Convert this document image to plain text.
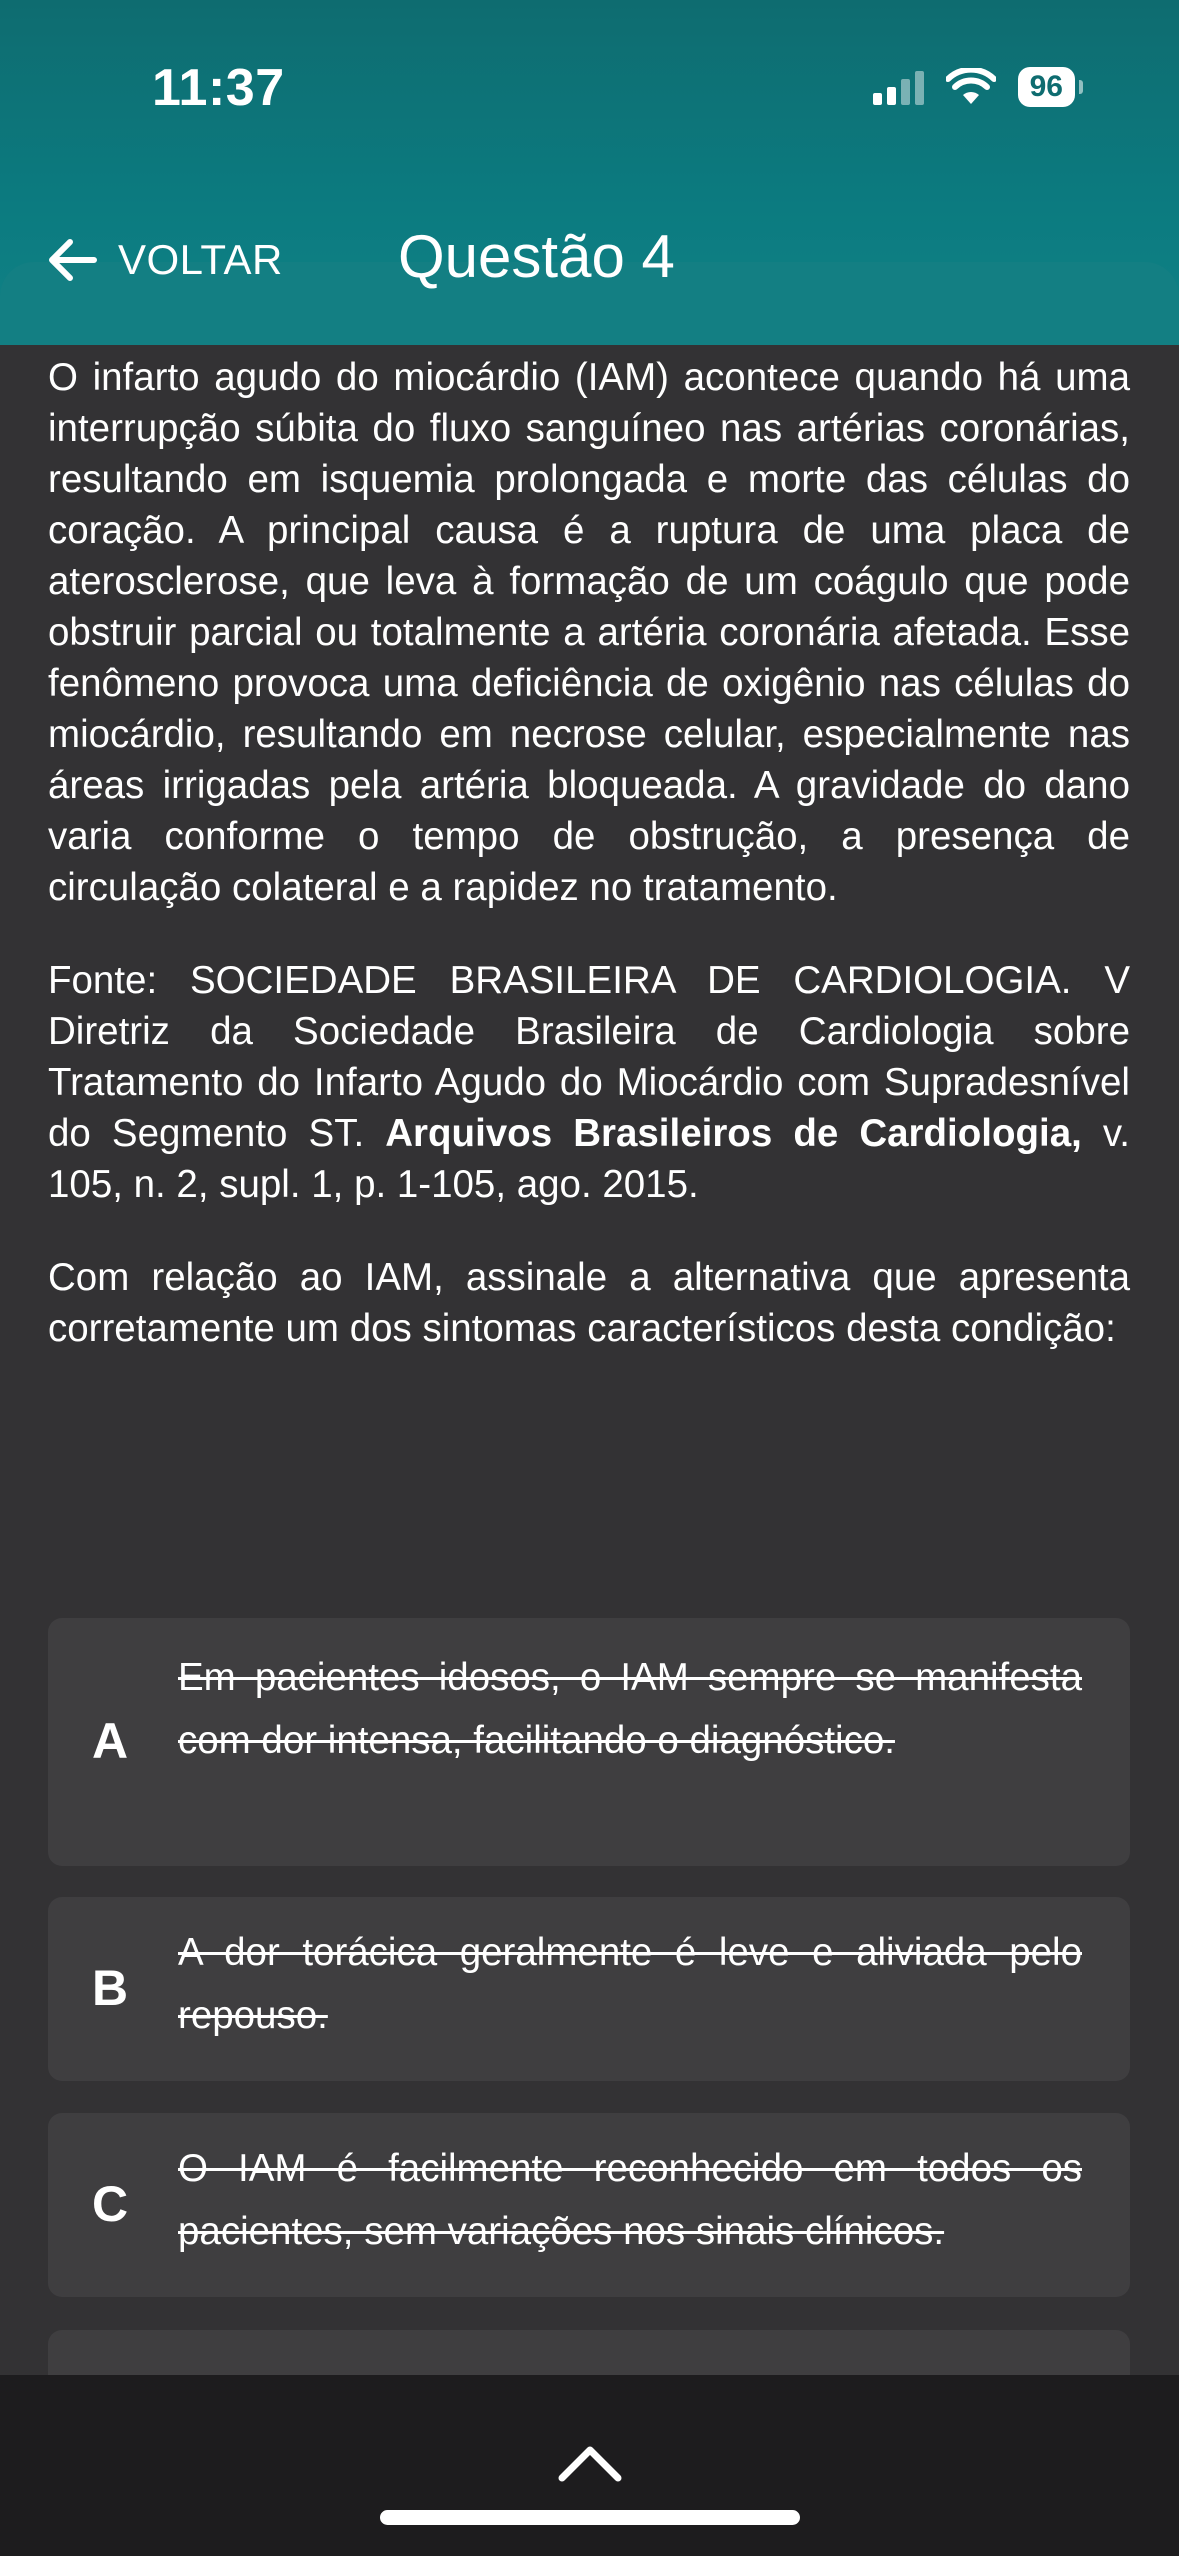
11:37	96
VOLTAR Questão 4

O infarto agudo do miocárdio (IAM) acontece quando há uma interrupção súbita do fluxo sanguíneo nas artérias coronárias, resultando em isquemia prolongada e morte das células do coração. A principal causa é a ruptura de uma placa de aterosclerose, que leva à formação de um coágulo que pode obstruir parcial ou totalmente a artéria coronária afetada. Esse fenômeno provoca uma deficiência de oxigênio nas células do miocárdio, resultando em necrose celular, especialmente nas áreas irrigadas pela artéria bloqueada. A gravidade do dano varia conforme o tempo de obstrução, a presença de circulação colateral e a rapidez no tratamento.

Fonte: SOCIEDADE BRASILEIRA DE CARDIOLOGIA. V Diretriz da Sociedade Brasileira de Cardiologia sobre Tratamento do Infarto Agudo do Miocárdio com Supradesnível do Segmento ST. Arquivos Brasileiros de Cardiologia, v. 105, n. 2, supl. 1, p. 1-105, ago. 2015.

Com relação ao IAM, assinale a alternativa que apresenta corretamente um dos sintomas característicos desta condição:

A
Em pacientes idosos, o IAM sempre se manifesta com dor intensa, facilitando o diagnóstico.
B
A dor torácica geralmente é leve e aliviada pelo repouso.
C
O IAM é facilmente reconhecido em todos os pacientes, sem variações nos sinais clínicos.
